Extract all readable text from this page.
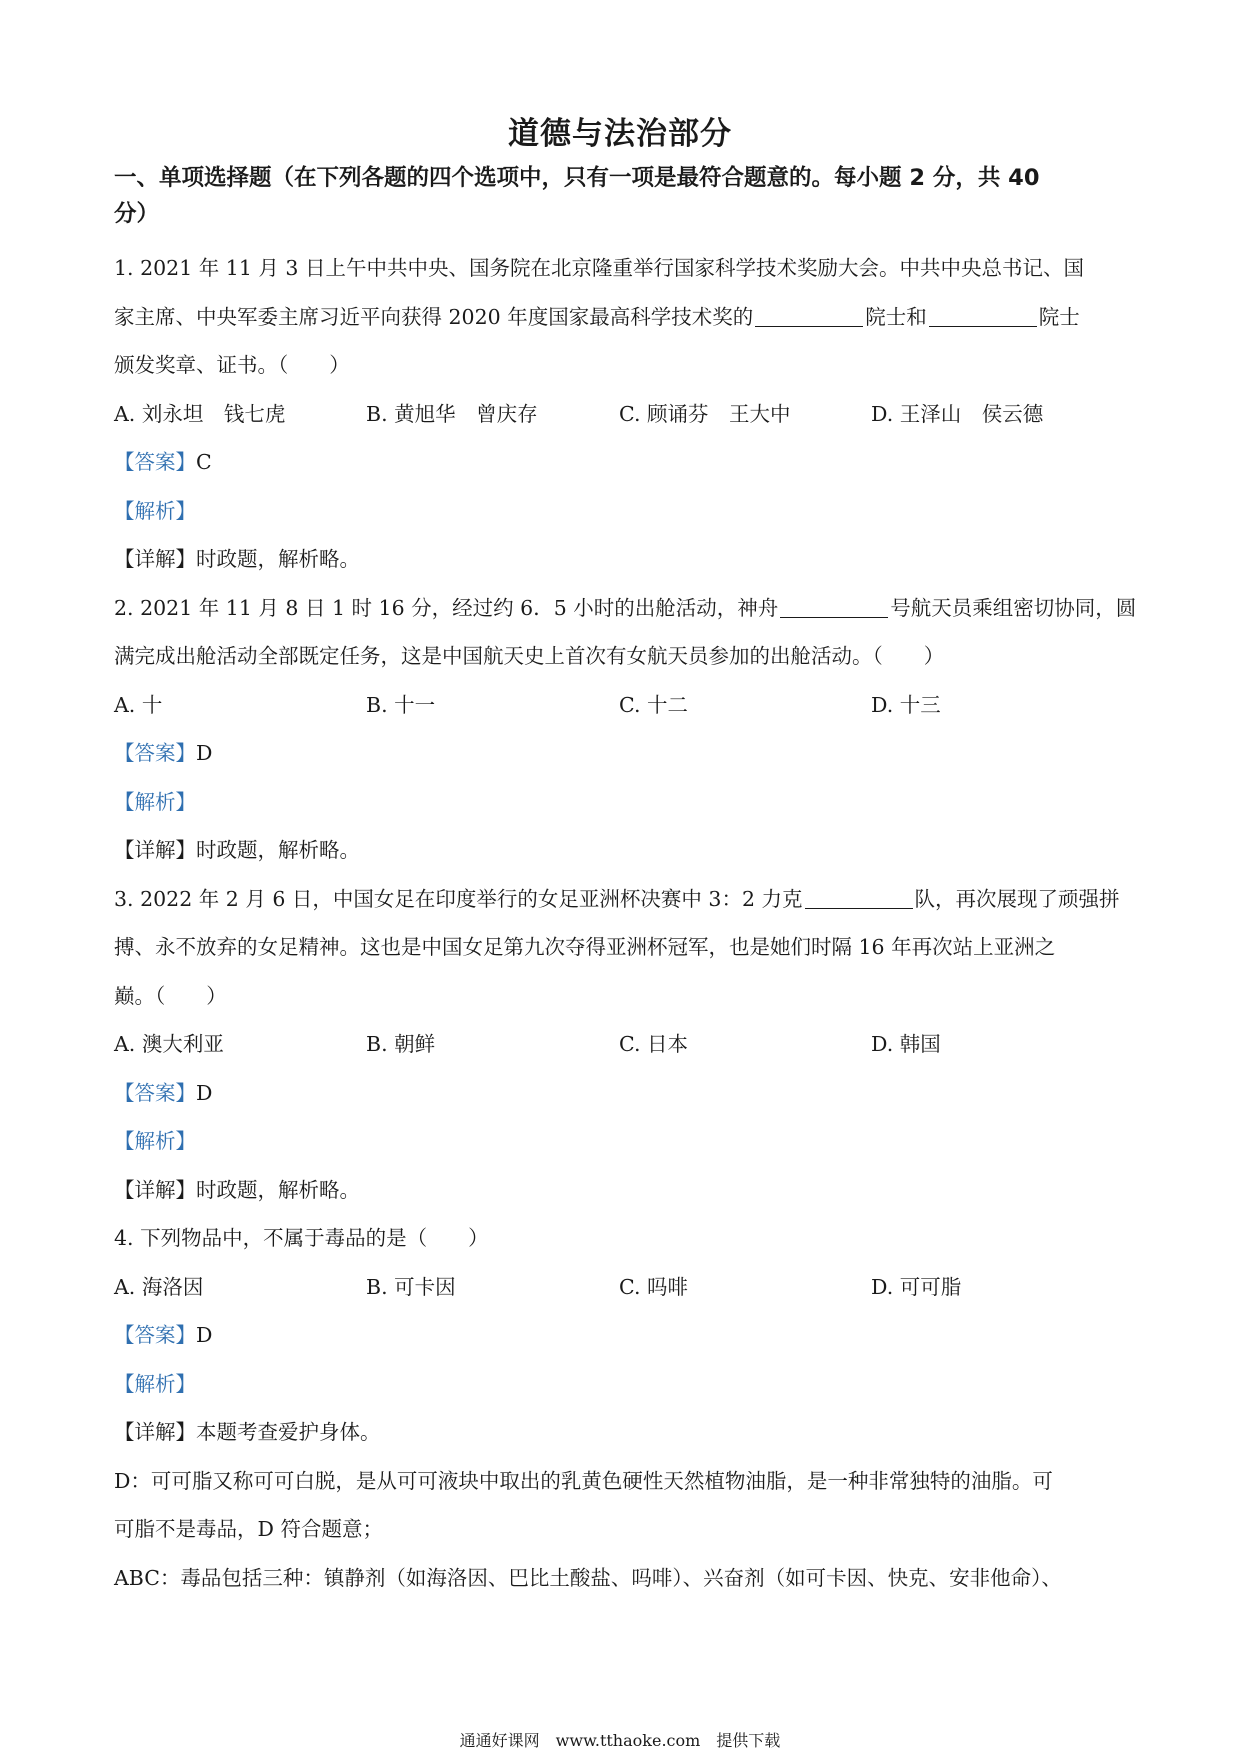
道德与法治部分
一、单项选择题（在下列各题的四个选项中，只有一项是最符合题意的。每小题 2 分，共 40
分）
1. 2021 年 11 月 3 日上午中共中央、国务院在北京隆重举行国家科学技术奖励大会。中共中央总书记、国
家主席、中央军委主席习近平向获得 2020 年度国家最高科学技术奖的	院士和	院士
颁发奖章、证书。（　　）
A. 刘永坦　钱七虎	B. 黄旭华　曾庆存	C. 顾诵芬　王大中	D. 王泽山　侯云德
【答案】C
【解析】
【详解】时政题，解析略。
2. 2021 年 11 月 8 日 1 时 16 分，经过约 6．5 小时的出舱活动，神舟	号航天员乘组密切协同，圆
满完成出舱活动全部既定任务，这是中国航天史上首次有女航天员参加的出舱活动。（　　）
A. 十	B. 十一	C. 十二	D. 十三
【答案】D
【解析】
【详解】时政题，解析略。
3. 2022 年 2 月 6 日，中国女足在印度举行的女足亚洲杯决赛中 3：2 力克	队，再次展现了顽强拼
搏、永不放弃的女足精神。这也是中国女足第九次夺得亚洲杯冠军，也是她们时隔 16 年再次站上亚洲之
巅。（　　）
A. 澳大利亚	B. 朝鲜	C. 日本	D. 韩国
【答案】D
【解析】
【详解】时政题，解析略。
4. 下列物品中，不属于毒品的是（　　）
A. 海洛因	B. 可卡因	C. 吗啡	D. 可可脂
【答案】D
【解析】
【详解】本题考查爱护身体。
D：可可脂又称可可白脱，是从可可液块中取出的乳黄色硬性天然植物油脂，是一种非常独特的油脂。可
可脂不是毒品，D 符合题意；
ABC：毒品包括三种：镇静剂（如海洛因、巴比土酸盐、吗啡）、兴奋剂（如可卡因、快克、安非他命）、
通通好课网　www.tthaoke.com　提供下载
